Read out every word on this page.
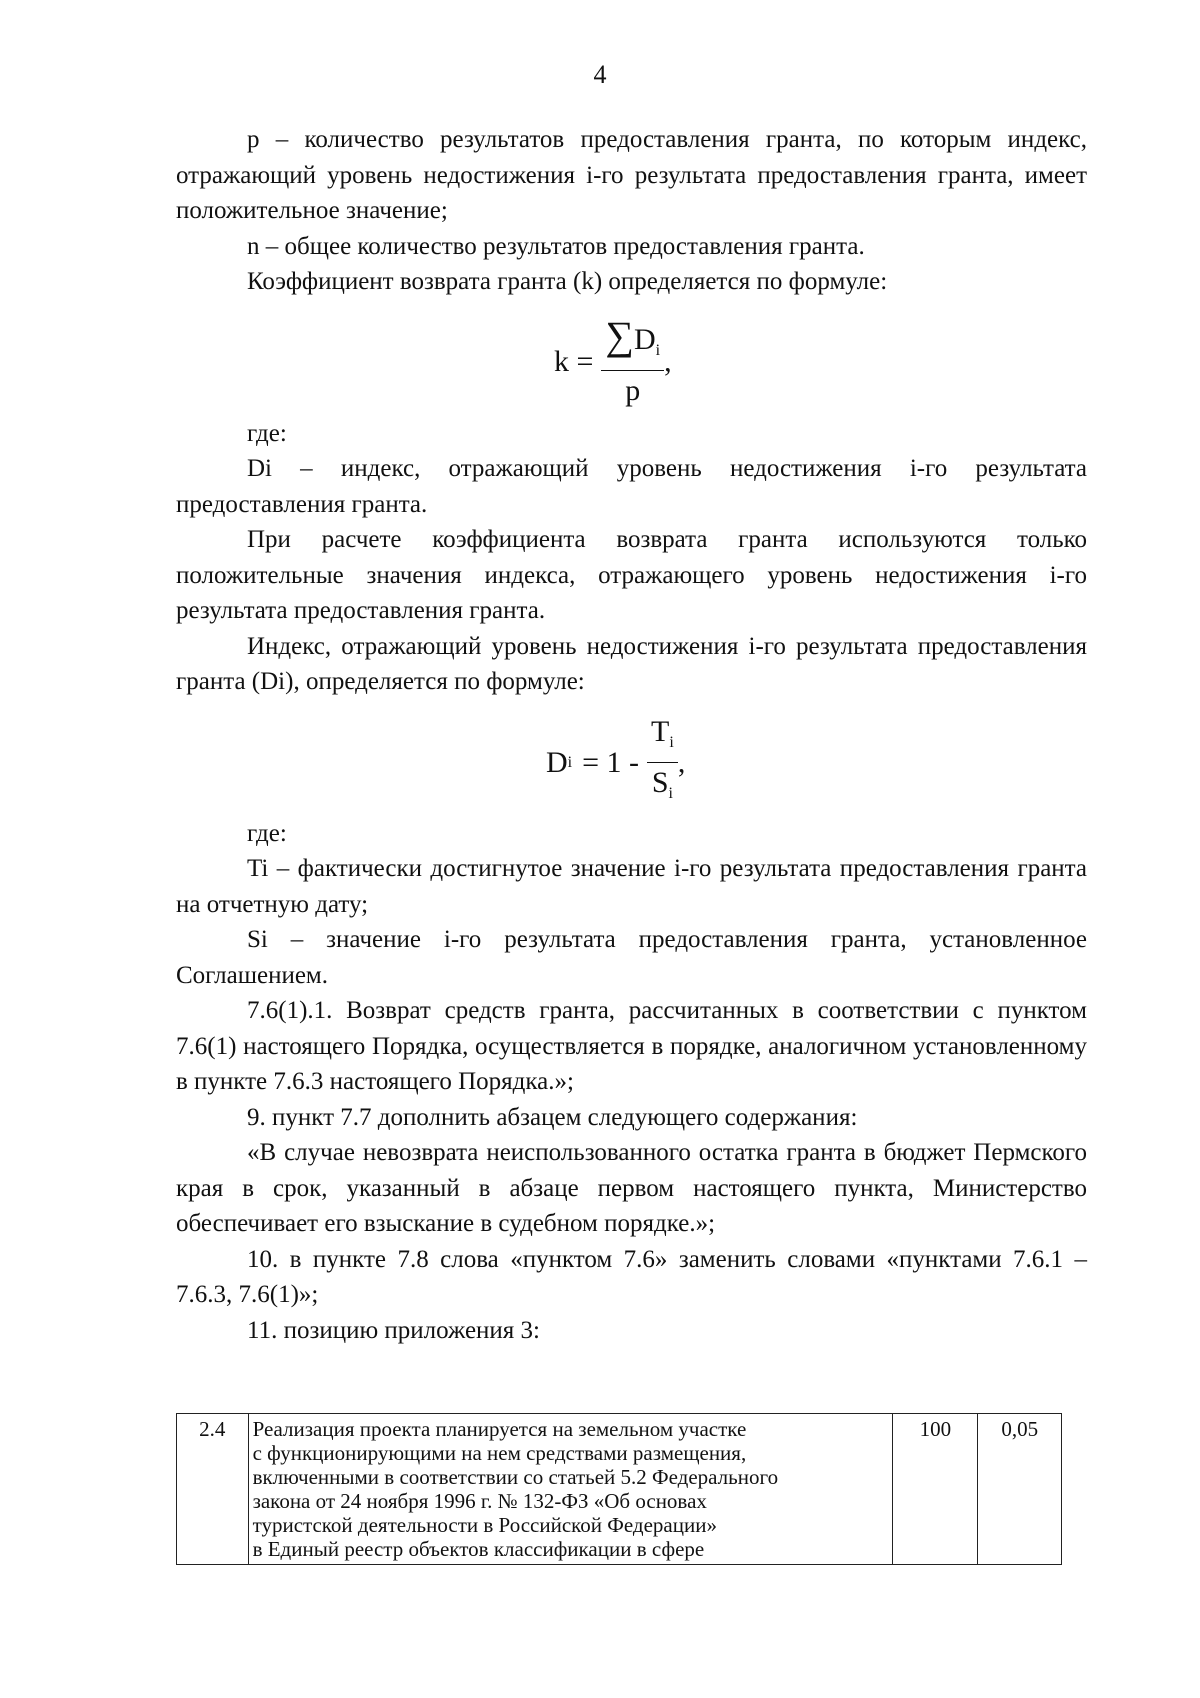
4

p – количество результатов предоставления гранта, по которым индекс, отражающий уровень недостижения i-го результата предоставления гранта, имеет положительное значение;

n – общее количество результатов предоставления гранта.

Коэффициент возврата гранта (k) определяется по формуле:

$k = \frac{\sum D_i}{p}$ ,

где:

Di – индекс, отражающий уровень недостижения i-го результата предоставления гранта.

При расчете коэффициента возврата гранта используются только положительные значения индекса, отражающего уровень недостижения i-го результата предоставления гранта.

Индекс, отражающий уровень недостижения i-го результата предоставления гранта (Di), определяется по формуле:

D $i = 1 - \frac{T_i}{S_i}$ ,

где:

Ti – фактически достигнутое значение i-го результата предоставления гранта на отчетную дату;

Si – значение i-го результата предоставления гранта, установленное Соглашением.

7.6(1).1. Возврат средств гранта, рассчитанных в соответствии с пунктом 7.6(1) настоящего Порядка, осуществляется в порядке, аналогичном установленному в пункте 7.6.3 настоящего Порядка.»;

9. пункт 7.7 дополнить абзацем следующего содержания:

«В случае невозврата неиспользованного остатка гранта в бюджет Пермского края в срок, указанный в абзаце первом настоящего пункта, Министерство обеспечивает его взыскание в судебном порядке.»;

10. в пункте 7.8 слова «пунктом 7.6» заменить словами «пунктами 7.6.1 – 7.6.3, 7.6(1)»;

11. позицию приложения 3:

2.4	Реализация проекта планируется на земельном участке
с функционирующими на нем средствами размещения,
включенными в соответствии со статьей 5.2 Федерального
закона от 24 ноября 1996 г. № 132-ФЗ «Об основах
туристской деятельности в Российской Федерации»
в Единый реестр объектов классификации в сфере
	100	0,05
